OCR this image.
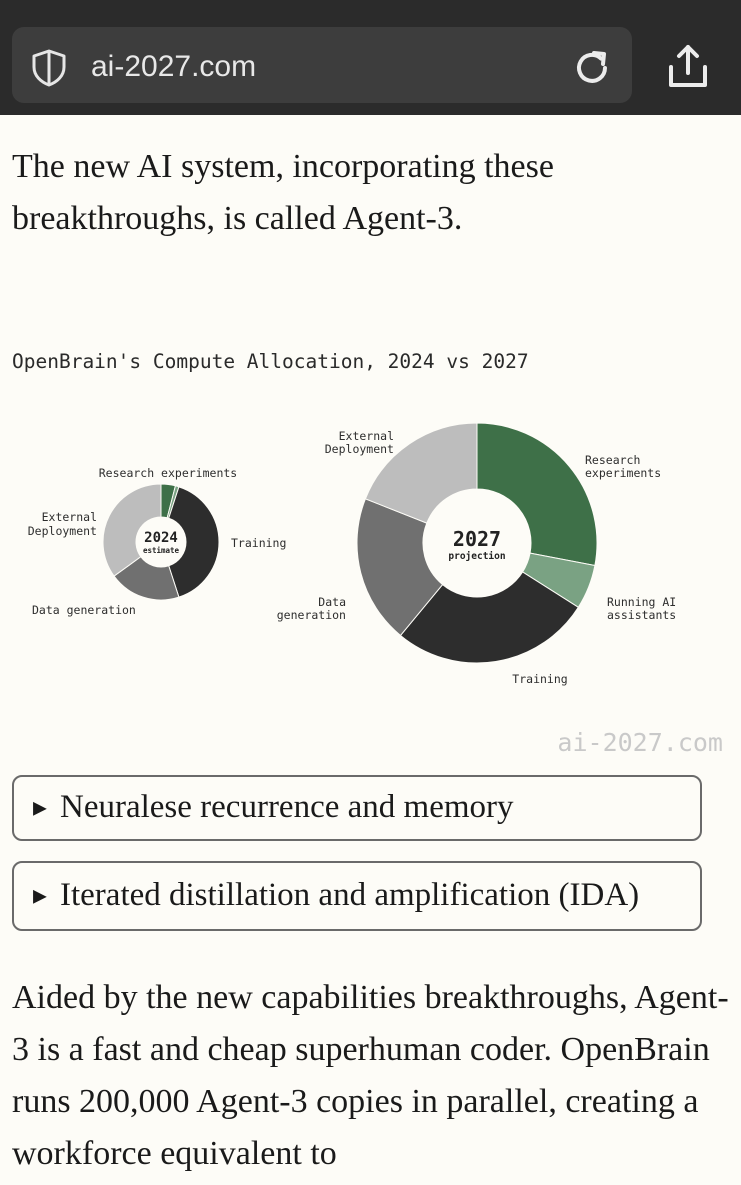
ai-2027.com

The new AI system, incorporating these breakthroughs, is called Agent-3.

OpenBrain's Compute Allocation, 2024 vs 2027
Research experiments
Training
Data generation
External Deployment
External Deployment
Research experiments
Running AI assistants
Training
Data generation
2024
estimate	2027
projection
ai-2027.com
▶ Neuralese recurrence and memory
▶ Iterated distillation and amplification (IDA)

Aided by the new capabilities breakthroughs, Agent-3 is a fast and cheap superhuman coder. OpenBrain runs 200,000 Agent-3 copies in parallel, creating a workforce equivalent to
